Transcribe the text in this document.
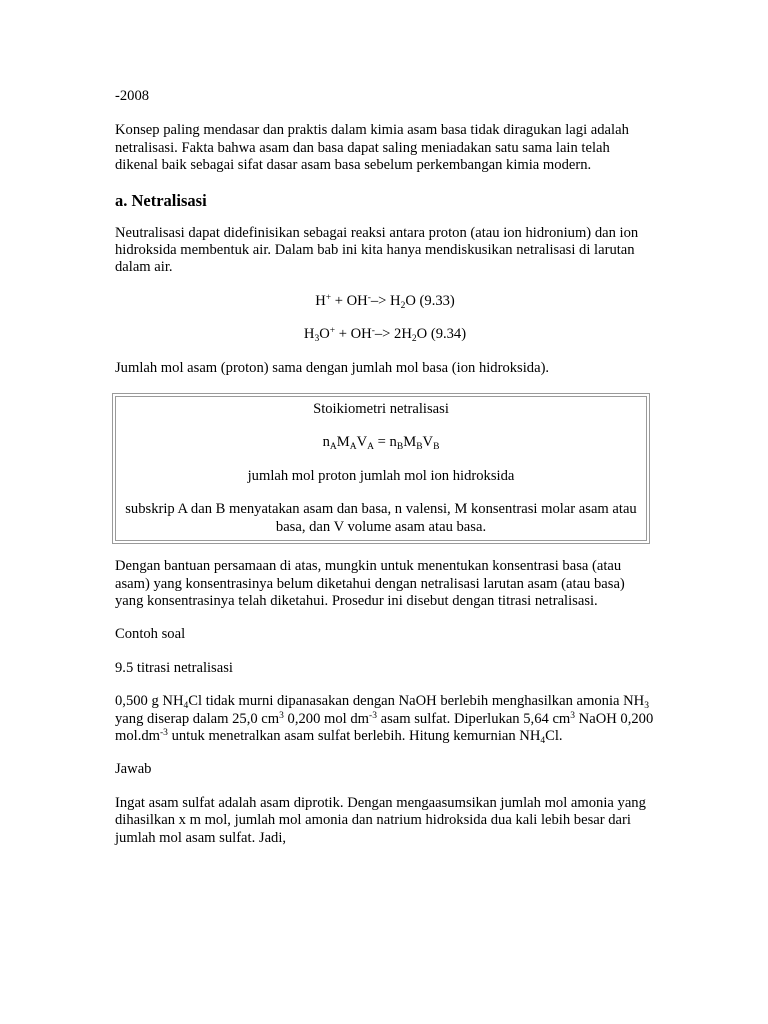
-2008

Konsep paling mendasar dan praktis dalam kimia asam basa tidak diragukan lagi adalah netralisasi. Fakta bahwa asam dan basa dapat saling meniadakan satu sama lain telah dikenal baik sebagai sifat dasar asam basa sebelum perkembangan kimia modern.

a. Netralisasi

Neutralisasi dapat didefinisikan sebagai reaksi antara proton (atau ion hidronium) dan ion hidroksida membentuk air. Dalam bab ini kita hanya mendiskusikan netralisasi di larutan dalam air.

$H^+ + OH^--> H_2O$ (9.33)

$H_3O^+ + OH^--> 2H_2O$ (9.34)

Jumlah mol asam (proton) sama dengan jumlah mol basa (ion hidroksida).

Stoikiometri netralisasi

$n_AM_AV_A = n_BM_BV_B$

jumlah mol proton jumlah mol ion hidroksida

subskrip A dan B menyatakan asam dan basa, n valensi, M konsentrasi molar asam atau basa, dan V volume asam atau basa.

Dengan bantuan persamaan di atas, mungkin untuk menentukan konsentrasi basa (atau asam) yang konsentrasinya belum diketahui dengan netralisasi larutan asam (atau basa) yang konsentrasinya telah diketahui. Prosedur ini disebut dengan titrasi netralisasi.

Contoh soal

9.5 titrasi netralisasi

0,500 g $NH_4Cl$ tidak murni dipanasakan dengan NaOH berlebih menghasilkan amonia $NH_3$ yang diserap dalam 25,0 $cm^3$ 0,200 mol $dm^{-3}$ asam sulfat. Diperlukan 5,64 $cm^3$ NaOH 0,200 $mol.dm^{-3}$ untuk menetralkan asam sulfat berlebih. Hitung kemurnian $NH_4Cl$.

Jawab

Ingat asam sulfat adalah asam diprotik. Dengan mengaasumsikan jumlah mol amonia yang dihasilkan x m mol, jumlah mol amonia dan natrium hidroksida dua kali lebih besar dari jumlah mol asam sulfat. Jadi,
